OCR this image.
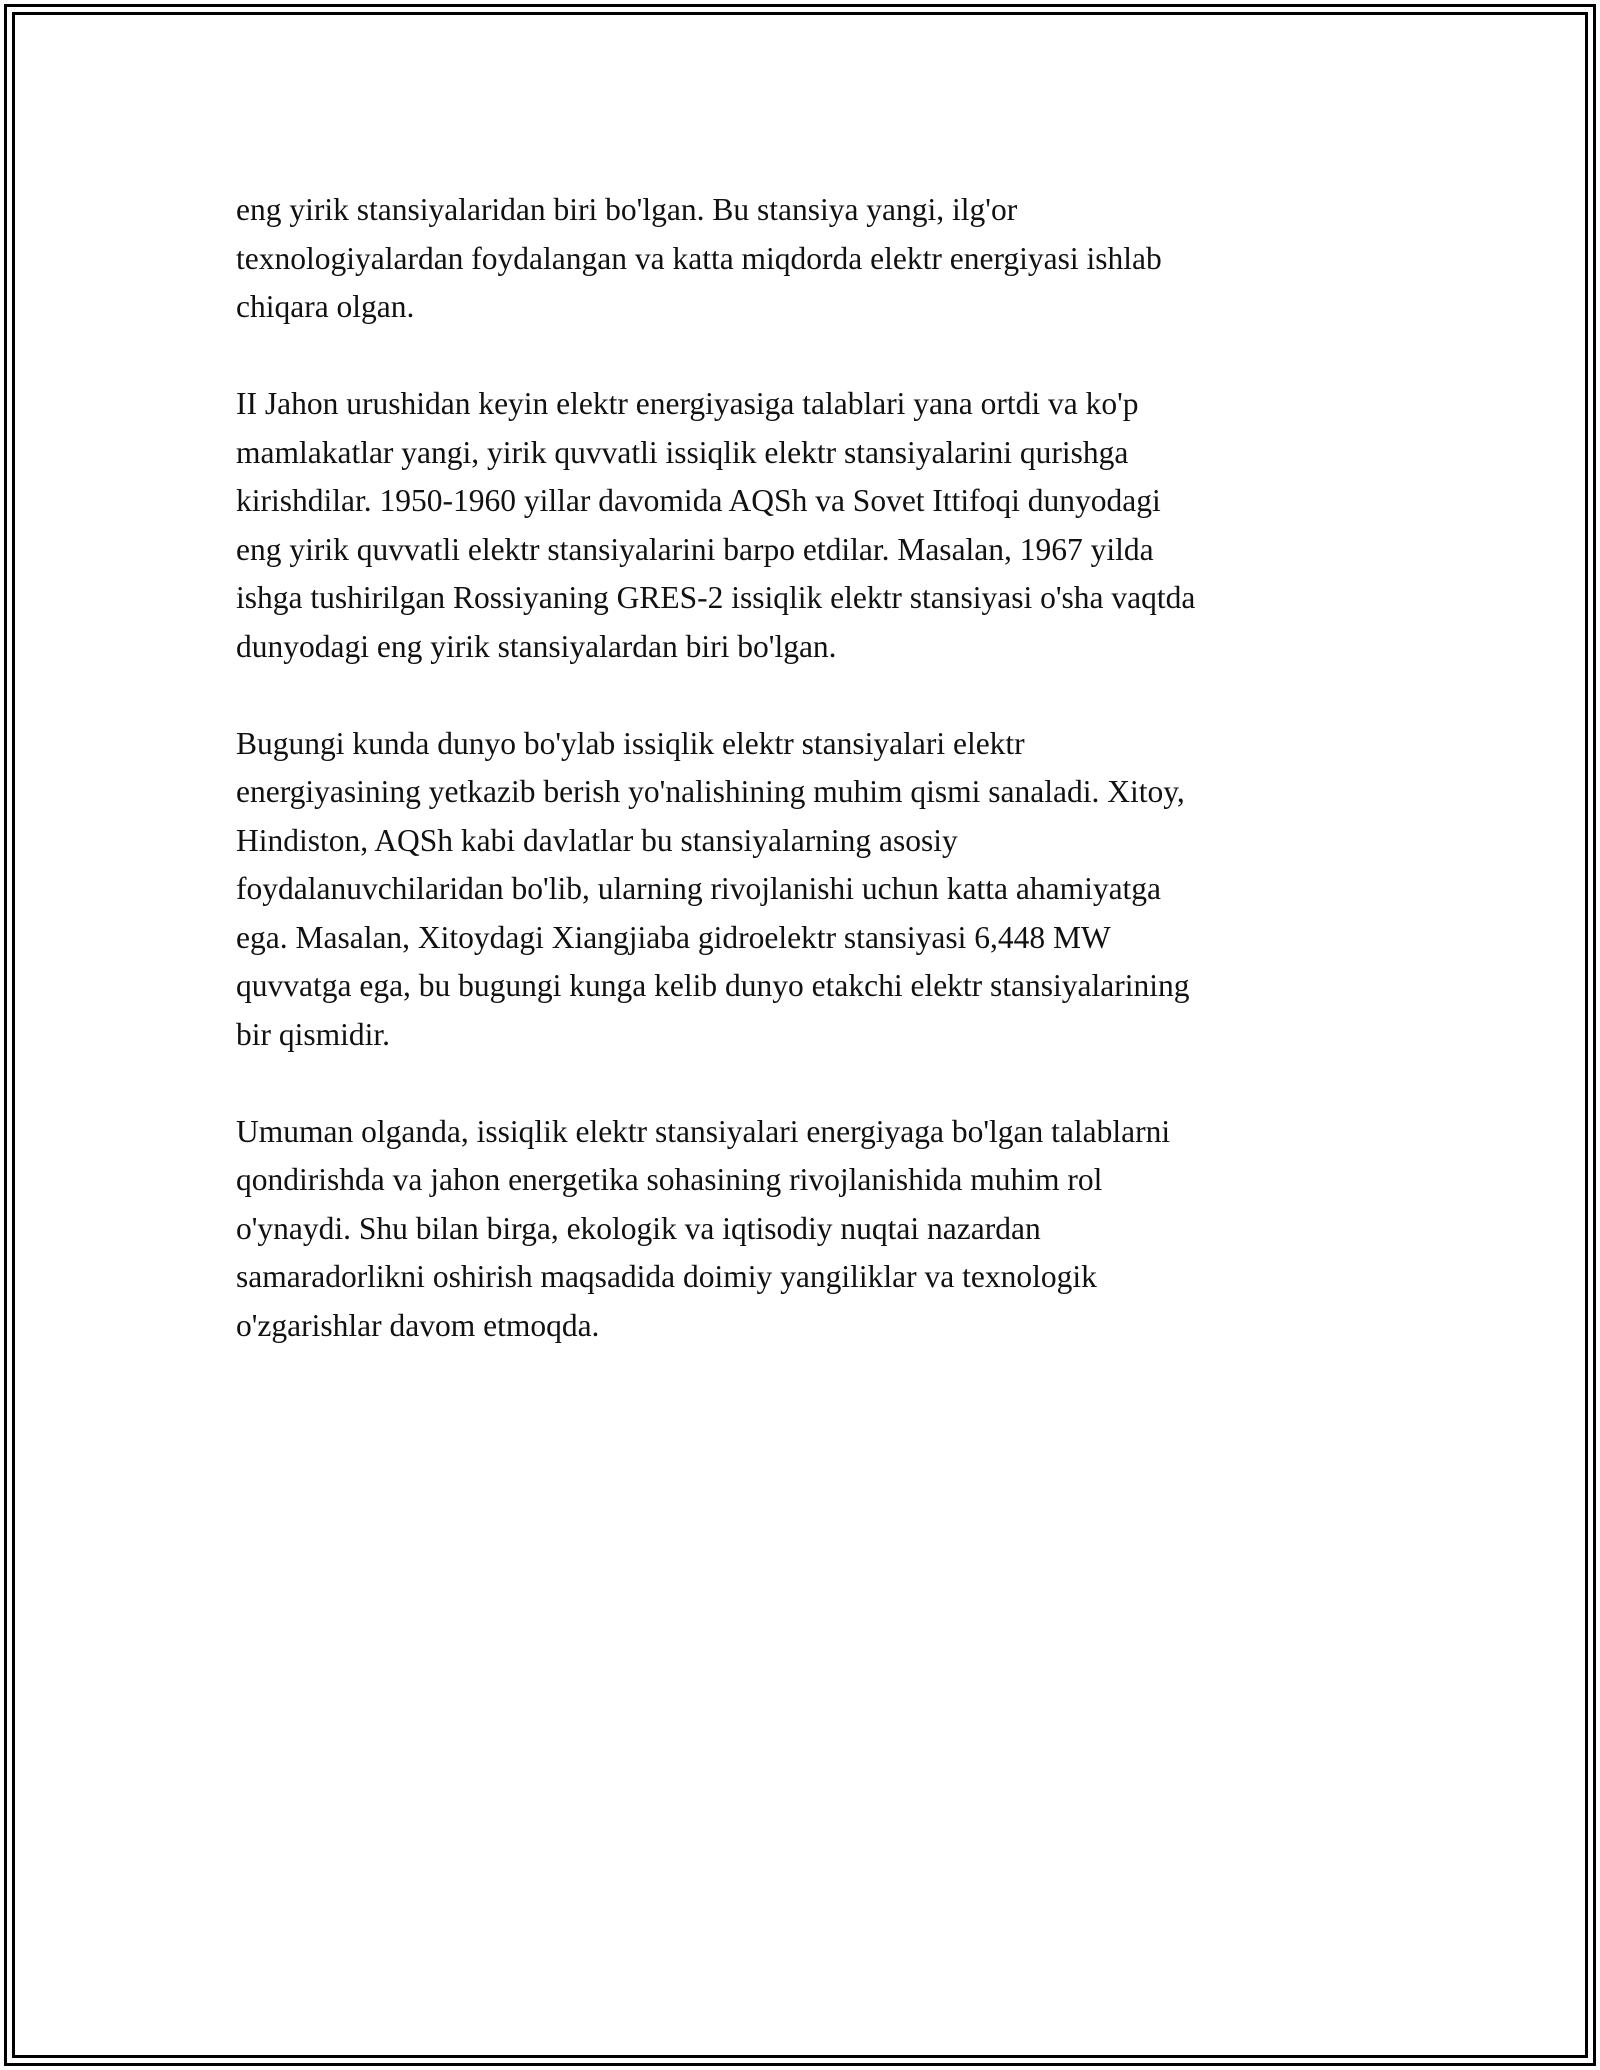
eng yirik stansiyalaridan biri bo'lgan. Bu stansiya yangi, ilg'or
texnologiyalardan foydalangan va katta miqdorda elektr energiyasi ishlab
chiqara olgan.

II Jahon urushidan keyin elektr energiyasiga talablari yana ortdi va ko'p
mamlakatlar yangi, yirik quvvatli issiqlik elektr stansiyalarini qurishga
kirishdilar. 1950-1960 yillar davomida AQSh va Sovet Ittifoqi dunyodagi
eng yirik quvvatli elektr stansiyalarini barpo etdilar. Masalan, 1967 yilda
ishga tushirilgan Rossiyaning GRES-2 issiqlik elektr stansiyasi o'sha vaqtda
dunyodagi eng yirik stansiyalardan biri bo'lgan.

Bugungi kunda dunyo bo'ylab issiqlik elektr stansiyalari elektr
energiyasining yetkazib berish yo'nalishining muhim qismi sanaladi. Xitoy,
Hindiston, AQSh kabi davlatlar bu stansiyalarning asosiy
foydalanuvchilaridan bo'lib, ularning rivojlanishi uchun katta ahamiyatga
ega. Masalan, Xitoydagi Xiangjiaba gidroelektr stansiyasi 6,448 MW
quvvatga ega, bu bugungi kunga kelib dunyo etakchi elektr stansiyalarining
bir qismidir.

Umuman olganda, issiqlik elektr stansiyalari energiyaga bo'lgan talablarni
qondirishda va jahon energetika sohasining rivojlanishida muhim rol
o'ynaydi. Shu bilan birga, ekologik va iqtisodiy nuqtai nazardan
samaradorlikni oshirish maqsadida doimiy yangiliklar va texnologik
o'zgarishlar davom etmoqda.
